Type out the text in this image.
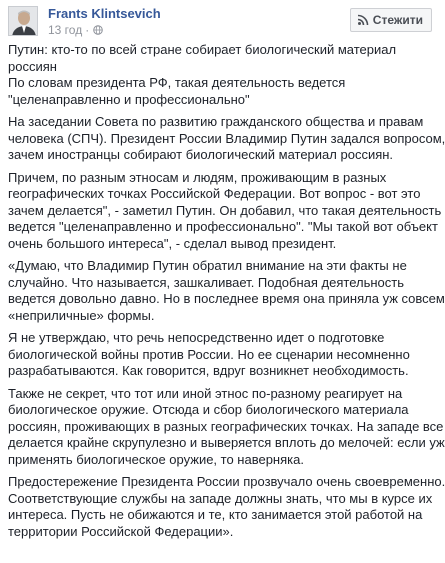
Frants Klintsevich
13 год ·
Стежити

Путин: кто-то по всей стране собирает биологический материал
россиян
По словам президента РФ, такая деятельность ведется
"целенаправленно и профессионально"

На заседании Совета по развитию гражданского общества и правам
человека (СПЧ). Президент России Владимир Путин задался вопросом,
зачем иностранцы собирают биологический материал россиян.

Причем, по разным этносам и людям, проживающим в разных
географических точках Российской Федерации. Вот вопрос - вот это
зачем делается", - заметил Путин. Он добавил, что такая деятельность
ведется "целенаправленно и профессионально". "Мы такой вот объект
очень большого интереса", - сделал вывод президент.

«Думаю, что Владимир Путин обратил внимание на эти факты не
случайно. Что называется, зашкаливает. Подобная деятельность
ведется довольно давно. Но в последнее время она приняла уж совсем
«неприличные» формы.

Я не утверждаю, что речь непосредственно идет о подготовке
биологической войны против России. Но ее сценарии несомненно
разрабатываются. Как говорится, вдруг возникнет необходимость.

Также не секрет, что тот или иной этнос по-разному реагирует на
биологическое оружие. Отсюда и сбор биологического материала
россиян, проживающих в разных географических точках. На западе все
делается крайне скрупулезно и выверяется вплоть до мелочей: если уж
применять биологическое оружие, то наверняка.

Предостережение Президента России прозвучало очень своевременно.
Соответствующие службы на западе должны знать, что мы в курсе их
интереса. Пусть не обижаются и те, кто занимается этой работой на
территории Российской Федерации».
